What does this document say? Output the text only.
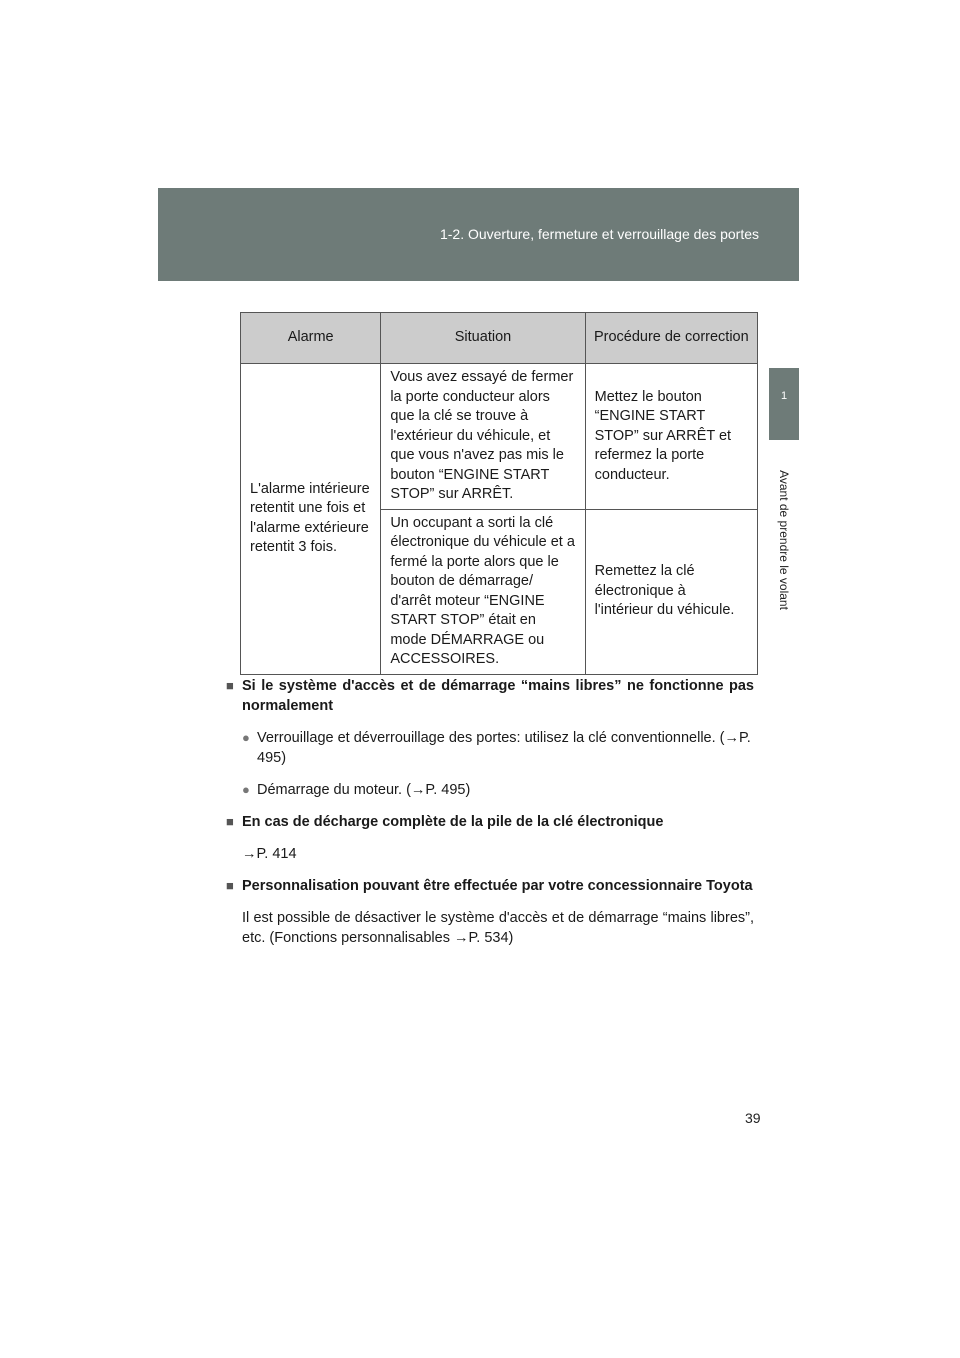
1-2. Ouverture, fermeture et verrouillage des portes
1
Avant de prendre le volant
Alarme	Situation	Procédure de correction
L'alarme intérieure retentit une fois et l'alarme extérieure retentit 3 fois.	Vous avez essayé de fermer la porte conducteur alors que la clé se trouve à l'extérieur du véhicule, et que vous n'avez pas mis le bouton “ENGINE START STOP” sur ARRÊT.	Mettez le bouton “ENGINE START STOP” sur ARRÊT et refermez la porte conducteur.
	Un occupant a sorti la clé électronique du véhicule et a fermé la porte alors que le bouton de démarrage/ d'arrêt moteur “ENGINE START STOP” était en mode DÉMARRAGE ou ACCESSOIRES.	Remettez la clé électronique à l'intérieur du véhicule.
■ Si le système d'accès et de démarrage “mains libres” ne fonctionne pas normalement
● Verrouillage et déverrouillage des portes: utilisez la clé conventionnelle. (→P. 495)
● Démarrage du moteur. (→P. 495)
■ En cas de décharge complète de la pile de la clé électronique
→P. 414
■ Personnalisation pouvant être effectuée par votre concessionnaire Toyota
Il est possible de désactiver le système d'accès et de démarrage “mains libres”, etc. (Fonctions personnalisables →P. 534)
39
